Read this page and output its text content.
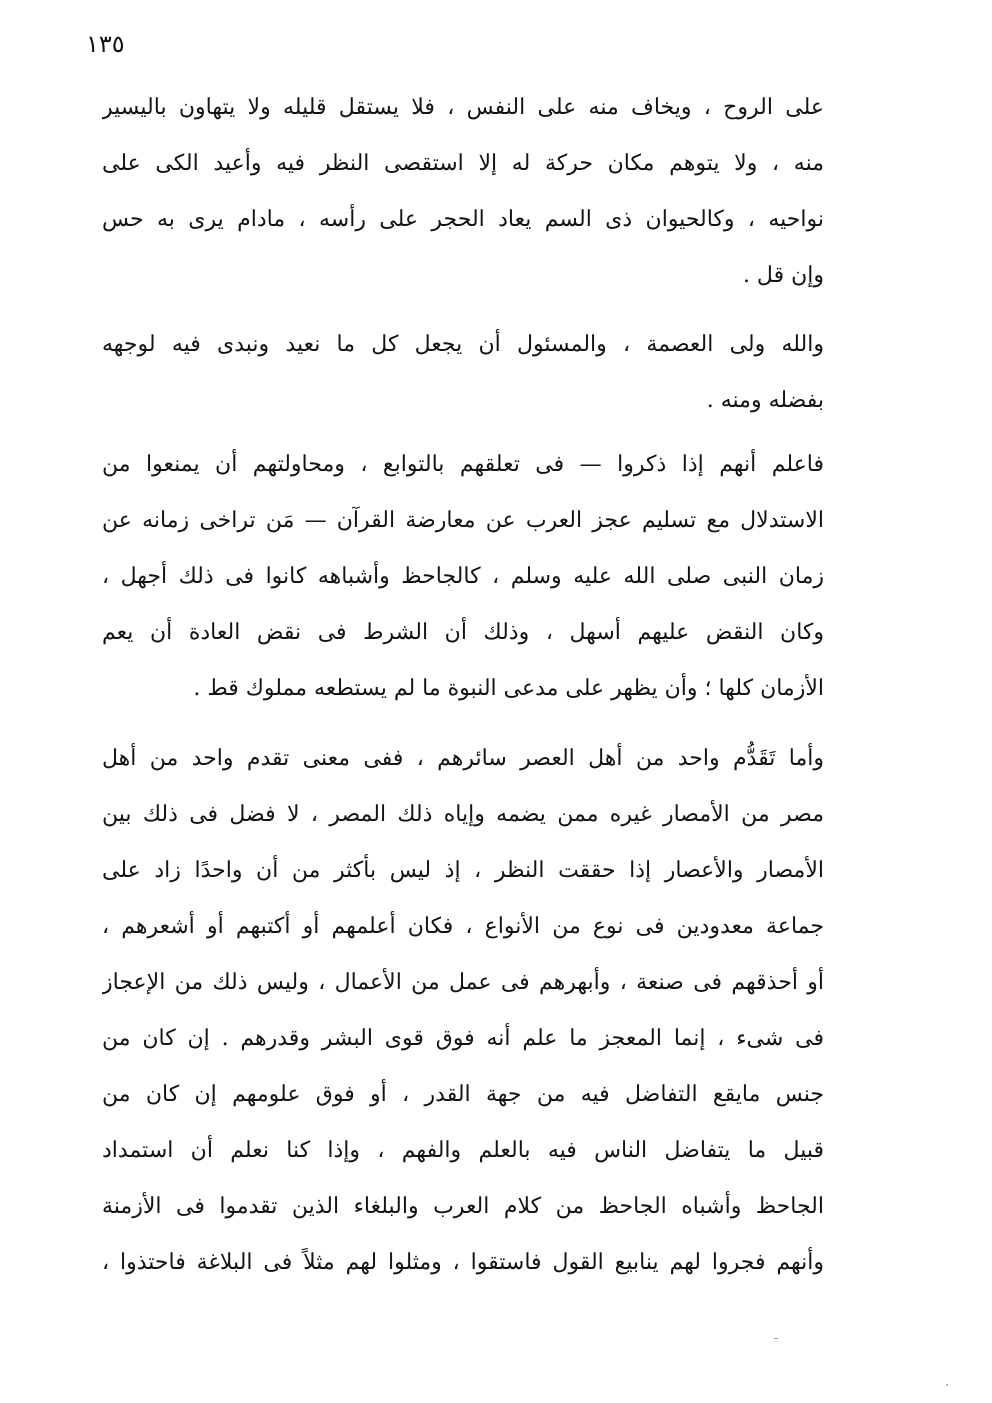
١٣٥
على الروح ، ويخاف منه على النفس ، فلا يستقل قليله ولا يتهاون باليسير
منه ، ولا يتوهم مكان حركة له إلا استقصى النظر فيه وأعيد الكى على
نواحيه ، وكالحيوان ذى السم يعاد الحجر على رأسه ، مادام يرى به حس
وإن قل .
والله ولى العصمة ، والمسئول أن يجعل كل ما نعيد ونبدى فيه لوجهه
بفضله ومنه .
فاعلم أنهم إذا ذكروا — فى تعلقهم بالتوابع ، ومحاولتهم أن يمنعوا من
الاستدلال مع تسليم عجز العرب عن معارضة القرآن — مَن تراخى زمانه عن
زمان النبى صلى الله عليه وسلم ، كالجاحظ وأشباهه كانوا فى ذلك أجهل ،
وكان النقض عليهم أسهل ، وذلك أن الشرط فى نقض العادة أن يعم
الأزمان كلها ؛ وأن يظهر على مدعى النبوة ما لم يستطعه مملوك قط .
وأما تَقَدُّم واحد من أهل العصر سائرهم ، ففى معنى تقدم واحد من أهل
مصر من الأمصار غيره ممن يضمه وإياه ذلك المصر ، لا فضل فى ذلك بين
الأمصار والأعصار إذا حققت النظر ، إذ ليس بأكثر من أن واحدًا زاد على
جماعة معدودين فى نوع من الأنواع ، فكان أعلمهم أو أكتبهم أو أشعرهم ،
أو أحذقهم فى صنعة ، وأبهرهم فى عمل من الأعمال ، وليس ذلك من الإعجاز
فى شىء ، إنما المعجز ما علم أنه فوق قوى البشر وقدرهم . إن كان من
جنس مايقع التفاضل فيه من جهة القدر ، أو فوق علومهم إن كان من
قبيل ما يتفاضل الناس فيه بالعلم والفهم ، وإذا كنا نعلم أن استمداد
الجاحظ وأشباه الجاحظ من كلام العرب والبلغاء الذين تقدموا فى الأزمنة
وأنهم فجروا لهم ينابيع القول فاستقوا ، ومثلوا لهم مثلاً فى البلاغة فاحتذوا ،
